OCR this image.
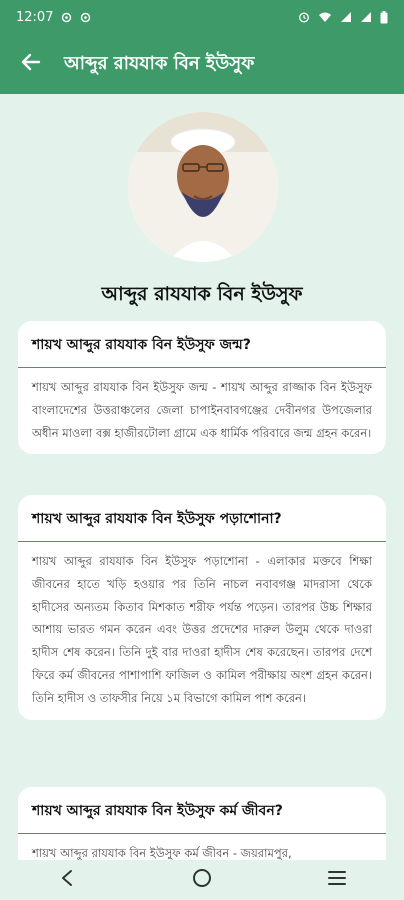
12:07
আব্দুর রাযযাক বিন ইউসুফ
আব্দুর রাযযাক বিন ইউসুফ
শায়খ আব্দুর রাযযাক বিন ইউসুফ জন্ম?
শায়খ আব্দুর রাযযাক বিন ইউসুফ জন্ম - শায়খ আব্দুর রাজ্জাক বিন ইউসুফ বাংলাদেশের উত্তরাঞ্চলের জেলা চাপাইনবাবগঞ্জের দেবীনগর উপজেলার অধীন মাওলা বক্স হাজীরটোলা গ্রামে এক ধার্মিক পরিবারে জন্ম গ্রহন করেন।
শায়খ আব্দুর রাযযাক বিন ইউসুফ পড়াশোনা?
শায়খ আব্দুর রাযযাক বিন ইউসুফ পড়াশোনা - এলাকার মক্তবে শিক্ষা জীবনের হাতে খড়ি হওয়ার পর তিনি নাচল নবাবগঞ্জ মাদরাসা থেকে হাদীসের অন্যতম কিতাব মিশকাত শরীফ পর্যন্ত পড়েন। তারপর উচ্চ শিক্ষার আশায় ভারত গমন করেন এবং উত্তর প্রদেশের দারুল উলুম থেকে দাওরা হাদীস শেষ করেন। তিনি দুই বার দাওরা হাদীস শেষ করেছেন। তারপর দেশে ফিরে কর্ম জীবনের পাশাপাশি ফাজিল ও কামিল পরীক্ষায় অংশ গ্রহন করেন। তিনি হাদীস ও তাফসীর নিয়ে ১ম বিভাগে কামিল পাশ করেন।
শায়খ আব্দুর রাযযাক বিন ইউসুফ কর্ম জীবন?
শায়খ আব্দুর রাযযাক বিন ইউসুফ কর্ম জীবন - জয়রামপুর,
